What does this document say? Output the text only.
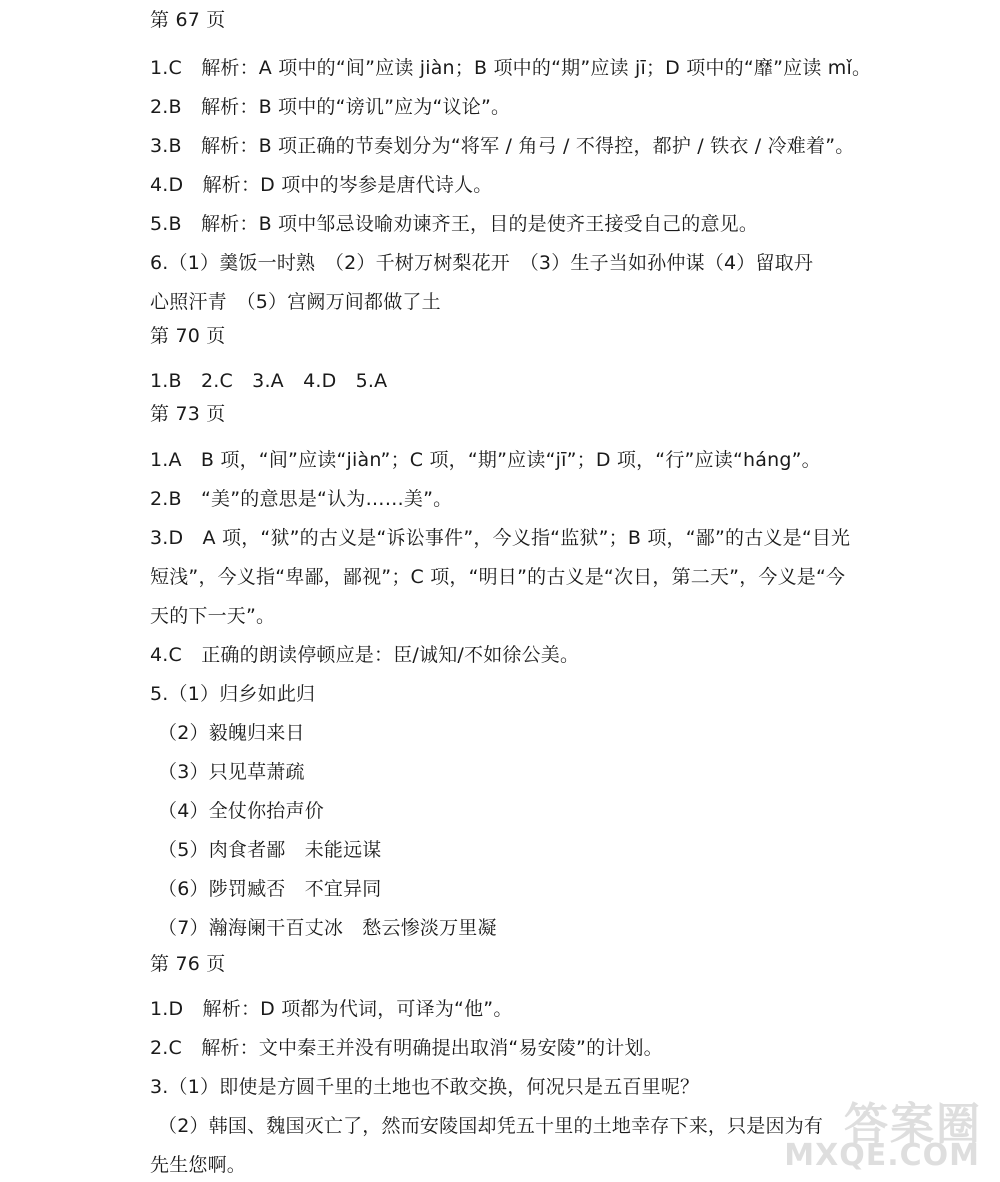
第 67 页
1.C　解析：A 项中的“间”应读 jiàn；B 项中的“期”应读 jī；D 项中的“靡”应读 mǐ。
2.B　解析：B 项中的“谤讥”应为“议论”。
3.B　解析：B 项正确的节奏划分为“将军 / 角弓 / 不得控，都护 / 铁衣 / 冷难着”。
4.D　解析：D 项中的岑参是唐代诗人。
5.B　解析：B 项中邹忌设喻劝谏齐王，目的是使齐王接受自己的意见。
6.（1）羹饭一时熟　（2）千树万树梨花开　（3）生子当如孙仲谋（4）留取丹
心照汗青　（5）宫阙万间都做了土
第 70 页
1.B　2.C　3.A　4.D　5.A
第 73 页
1.A　B 项，“间”应读“jiàn”；C 项，“期”应读“jī”；D 项，“行”应读“háng”。
2.B　“美”的意思是“认为……美”。
3.D　A 项，“狱”的古义是“诉讼事件”，今义指“监狱”；B 项，“鄙”的古义是“目光
短浅”，今义指“卑鄙，鄙视”；C 项，“明日”的古义是“次日，第二天”，今义是“今
天的下一天”。
4.C　正确的朗读停顿应是：臣/诚知/不如徐公美。
5.（1）归乡如此归
（2）毅魄归来日
（3）只见草萧疏
（4）全仗你抬声价
（5）肉食者鄙　未能远谋
（6）陟罚臧否　不宜异同
（7）瀚海阑干百丈冰　愁云惨淡万里凝
第 76 页
1.D　解析：D 项都为代词，可译为“他”。
2.C　解析：文中秦王并没有明确提出取消“易安陵”的计划。
3.（1）即使是方圆千里的土地也不敢交换，何况只是五百里呢？
（2）韩国、魏国灭亡了，然而安陵国却凭五十里的土地幸存下来，只是因为有
先生您啊。
答案圈
MXQE.COM
